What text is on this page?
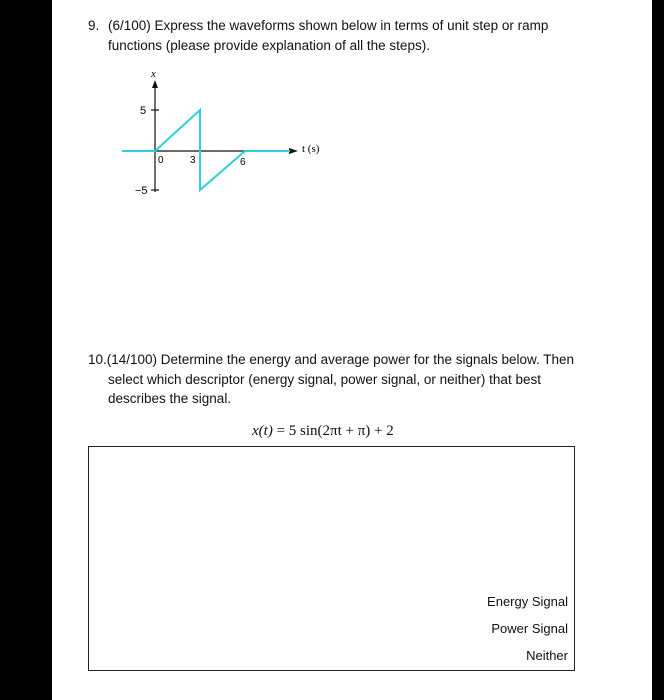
9. (6/100) Express the waveforms shown below in terms of unit step or ramp
functions (please provide explanation of all the steps).
x
t (s)
5
−5
0	3	6
10.(14/100) Determine the energy and average power for the signals below. Then
select which descriptor (energy signal, power signal, or neither) that best
describes the signal.
x(t) = 5 sin(2πt + π) + 2
Energy Signal
Power Signal
Neither
